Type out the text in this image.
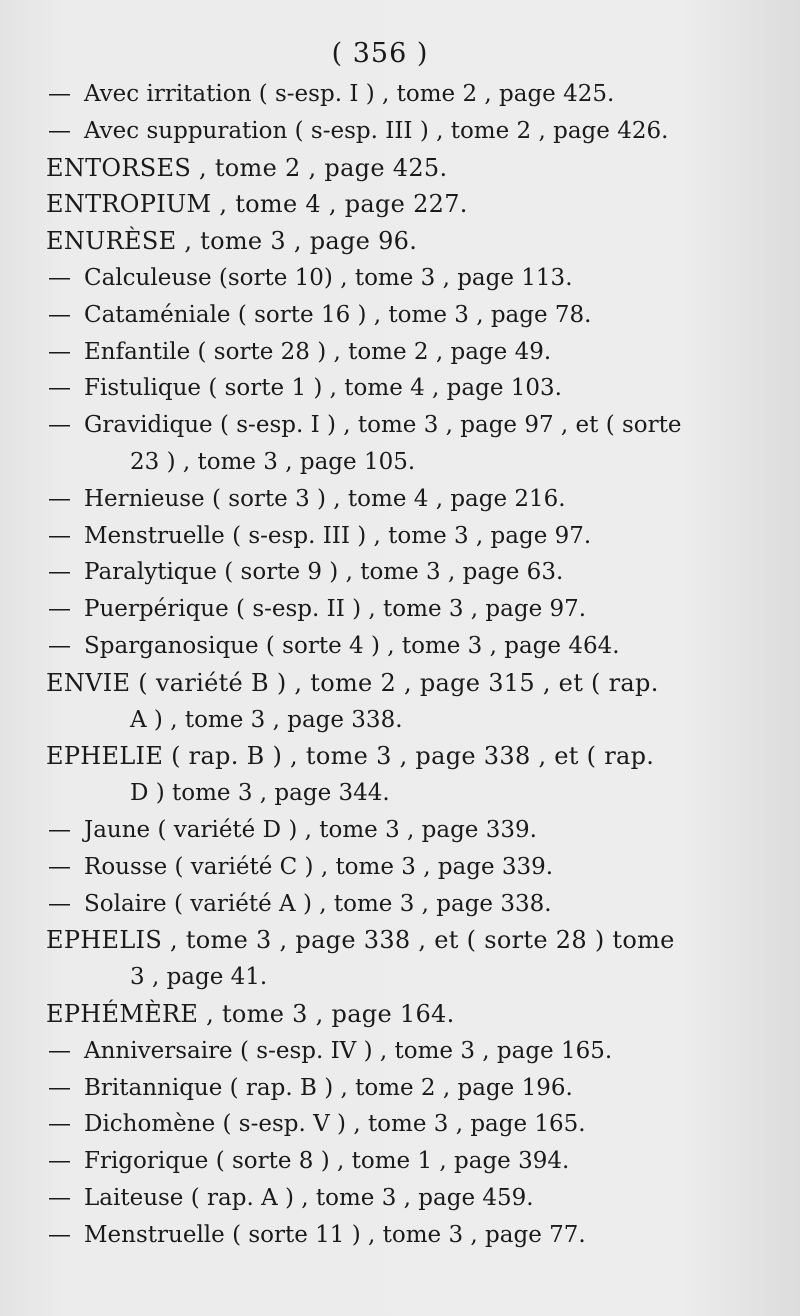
( 356 )
— Avec irritation ( s-esp. I ) , tome 2 , page 425.
— Avec suppuration ( s-esp. III ) , tome 2 , page 426.
ENTORSES , tome 2 , page 425.
ENTROPIUM , tome 4 , page 227.
ENURÈSE , tome 3 , page 96.
— Calculeuse (sorte 10) , tome 3 , page 113.
— Cataméniale ( sorte 16 ) , tome 3 , page 78.
— Enfantile ( sorte 28 ) , tome 2 , page 49.
— Fistulique ( sorte 1 ) , tome 4 , page 103.
— Gravidique ( s-esp. I ) , tome 3 , page 97 , et ( sorte
23 ) , tome 3 , page 105.
— Hernieuse ( sorte 3 ) , tome 4 , page 216.
— Menstruelle ( s-esp. III ) , tome 3 , page 97.
— Paralytique ( sorte 9 ) , tome 3 , page 63.
— Puerpérique ( s-esp. II ) , tome 3 , page 97.
— Sparganosique ( sorte 4 ) , tome 3 , page 464.
ENVIE ( variété B ) , tome 2 , page 315 , et ( rap.
A ) , tome 3 , page 338.
EPHELIE ( rap. B ) , tome 3 , page 338 , et ( rap.
D ) tome 3 , page 344.
— Jaune ( variété D ) , tome 3 , page 339.
— Rousse ( variété C ) , tome 3 , page 339.
— Solaire ( variété A ) , tome 3 , page 338.
EPHELIS , tome 3 , page 338 , et ( sorte 28 ) tome
3 , page 41.
EPHÉMÈRE , tome 3 , page 164.
— Anniversaire ( s-esp. IV ) , tome 3 , page 165.
— Britannique ( rap. B ) , tome 2 , page 196.
— Dichomène ( s-esp. V ) , tome 3 , page 165.
— Frigorique ( sorte 8 ) , tome 1 , page 394.
— Laiteuse ( rap. A ) , tome 3 , page 459.
— Menstruelle ( sorte 11 ) , tome 3 , page 77.
